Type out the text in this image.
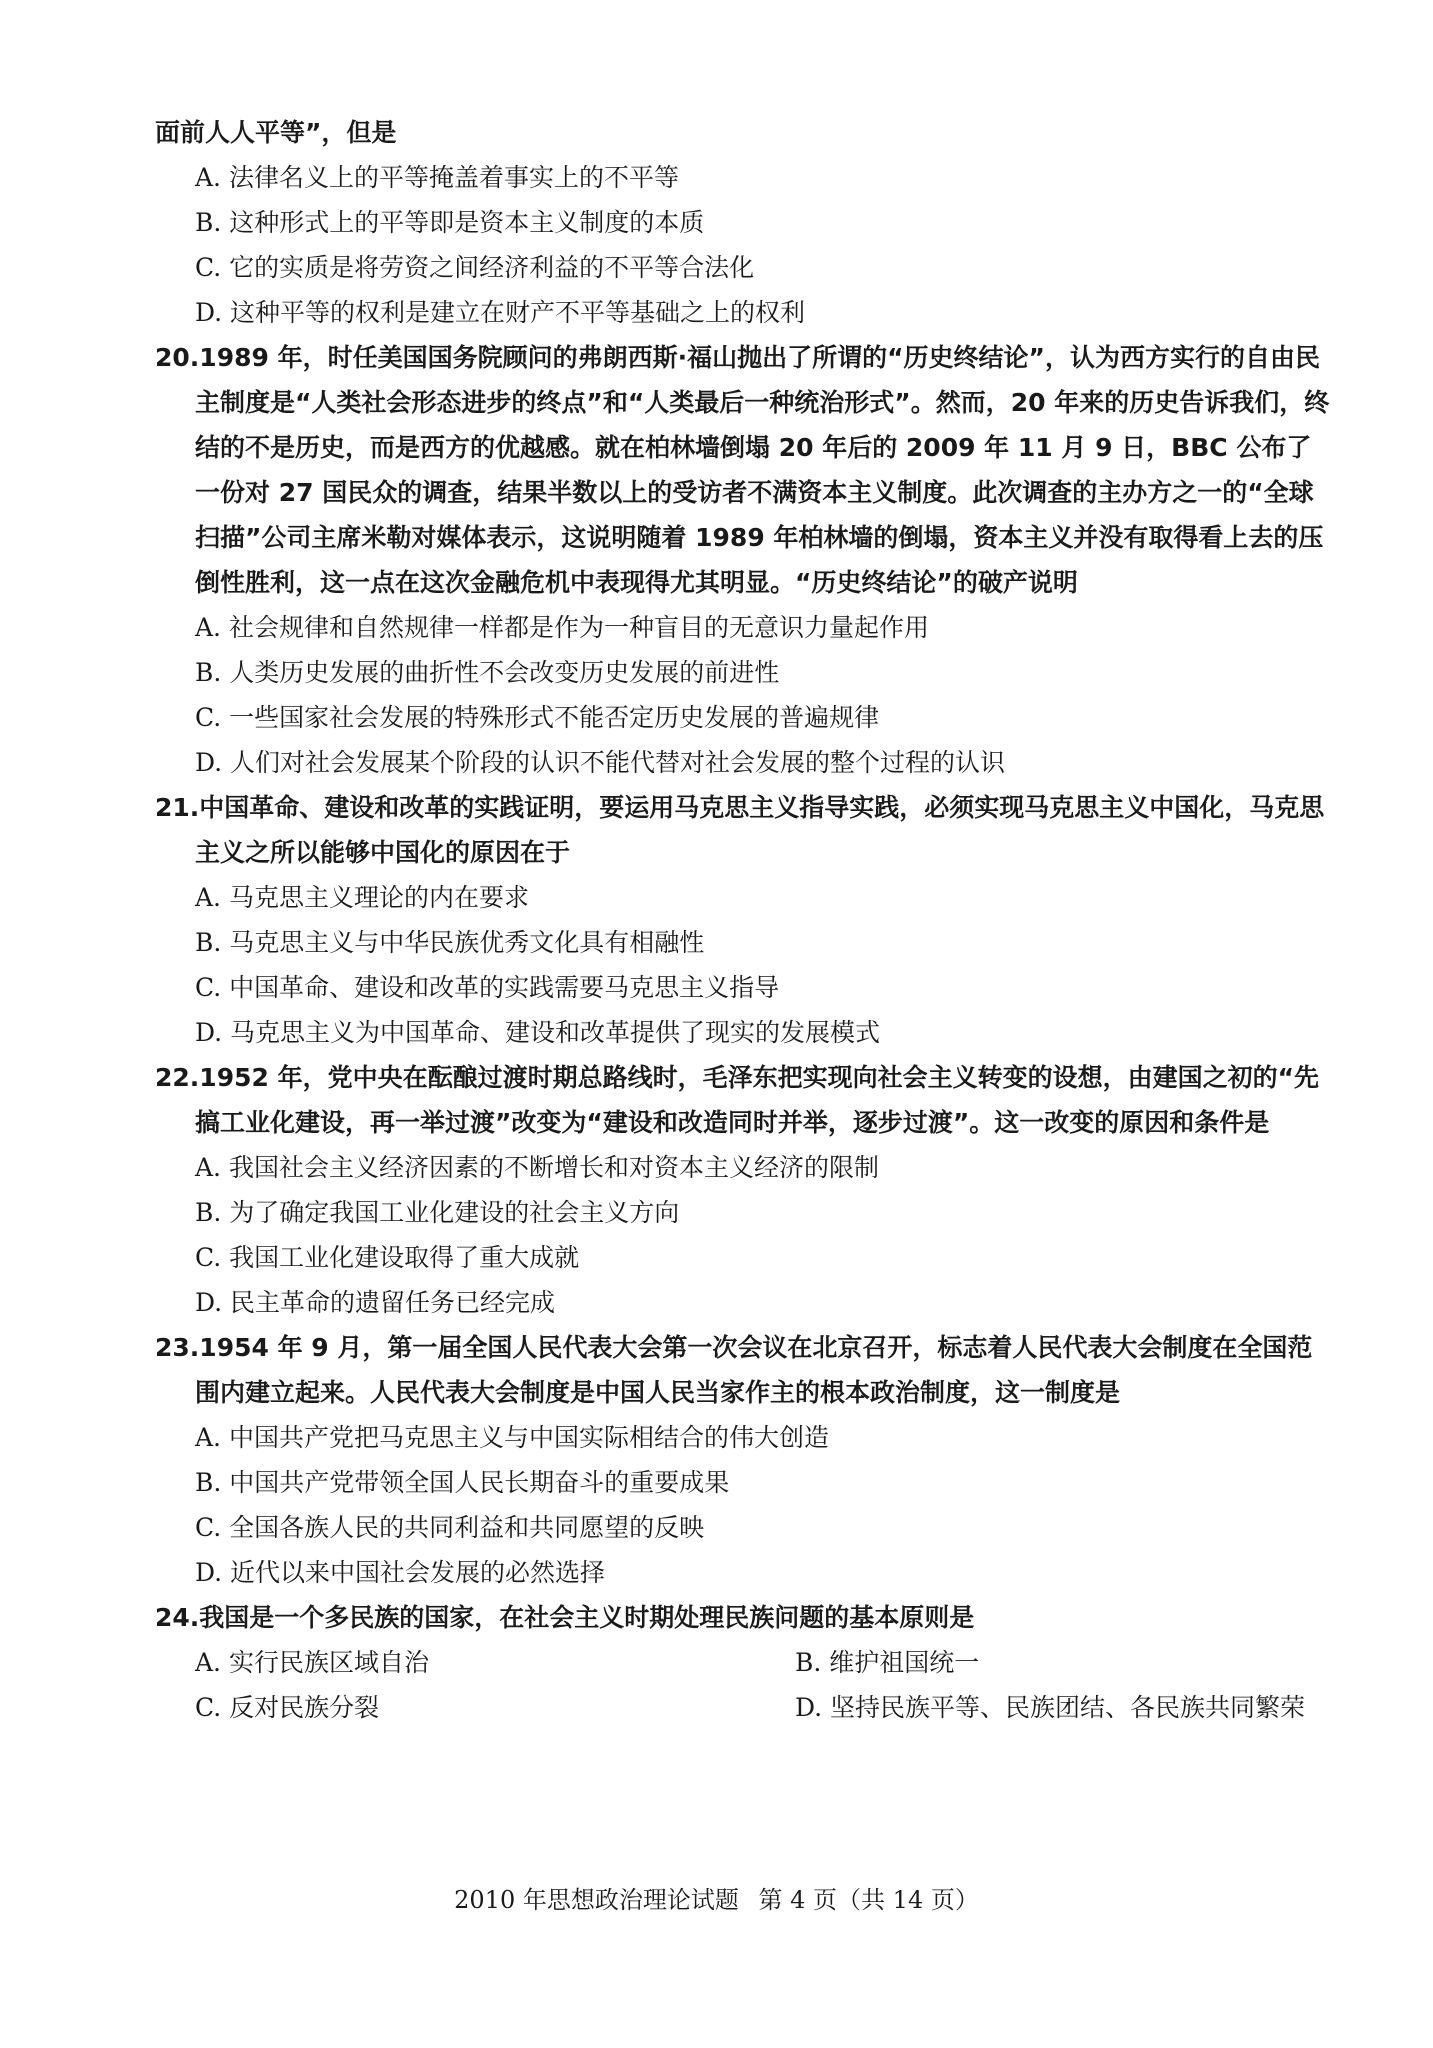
面前人人平等”，但是

A. 法律名义上的平等掩盖着事实上的不平等

B. 这种形式上的平等即是资本主义制度的本质

C. 它的实质是将劳资之间经济利益的不平等合法化

D. 这种平等的权利是建立在财产不平等基础之上的权利

20.1989 年，时任美国国务院顾问的弗朗西斯·福山抛出了所谓的“历史终结论”，认为西方实行的自由民主制度是“人类社会形态进步的终点”和“人类最后一种统治形式”。然而，20 年来的历史告诉我们，终结的不是历史，而是西方的优越感。就在柏林墙倒塌 20 年后的 2009 年 11 月 9 日，BBC 公布了一份对 27 国民众的调查，结果半数以上的受访者不满资本主义制度。此次调查的主办方之一的“全球扫描”公司主席米勒对媒体表示，这说明随着 1989 年柏林墙的倒塌，资本主义并没有取得看上去的压倒性胜利，这一点在这次金融危机中表现得尤其明显。“历史终结论”的破产说明

A. 社会规律和自然规律一样都是作为一种盲目的无意识力量起作用

B. 人类历史发展的曲折性不会改变历史发展的前进性

C. 一些国家社会发展的特殊形式不能否定历史发展的普遍规律

D. 人们对社会发展某个阶段的认识不能代替对社会发展的整个过程的认识

21.中国革命、建设和改革的实践证明，要运用马克思主义指导实践，必须实现马克思主义中国化，马克思主义之所以能够中国化的原因在于

A. 马克思主义理论的内在要求

B. 马克思主义与中华民族优秀文化具有相融性

C. 中国革命、建设和改革的实践需要马克思主义指导

D. 马克思主义为中国革命、建设和改革提供了现实的发展模式

22.1952 年，党中央在酝酿过渡时期总路线时，毛泽东把实现向社会主义转变的设想，由建国之初的“先搞工业化建设，再一举过渡”改变为“建设和改造同时并举，逐步过渡”。这一改变的原因和条件是

A. 我国社会主义经济因素的不断增长和对资本主义经济的限制

B. 为了确定我国工业化建设的社会主义方向

C. 我国工业化建设取得了重大成就

D. 民主革命的遗留任务已经完成

23.1954 年 9 月，第一届全国人民代表大会第一次会议在北京召开，标志着人民代表大会制度在全国范围内建立起来。人民代表大会制度是中国人民当家作主的根本政治制度，这一制度是

A. 中国共产党把马克思主义与中国实际相结合的伟大创造

B. 中国共产党带领全国人民长期奋斗的重要成果

C. 全国各族人民的共同利益和共同愿望的反映

D. 近代以来中国社会发展的必然选择

24.我国是一个多民族的国家，在社会主义时期处理民族问题的基本原则是

A. 实行民族区域自治	B. 维护祖国统一

C. 反对民族分裂	D. 坚持民族平等、民族团结、各民族共同繁荣

2010 年思想政治理论试题 第 4 页（共 14 页）
